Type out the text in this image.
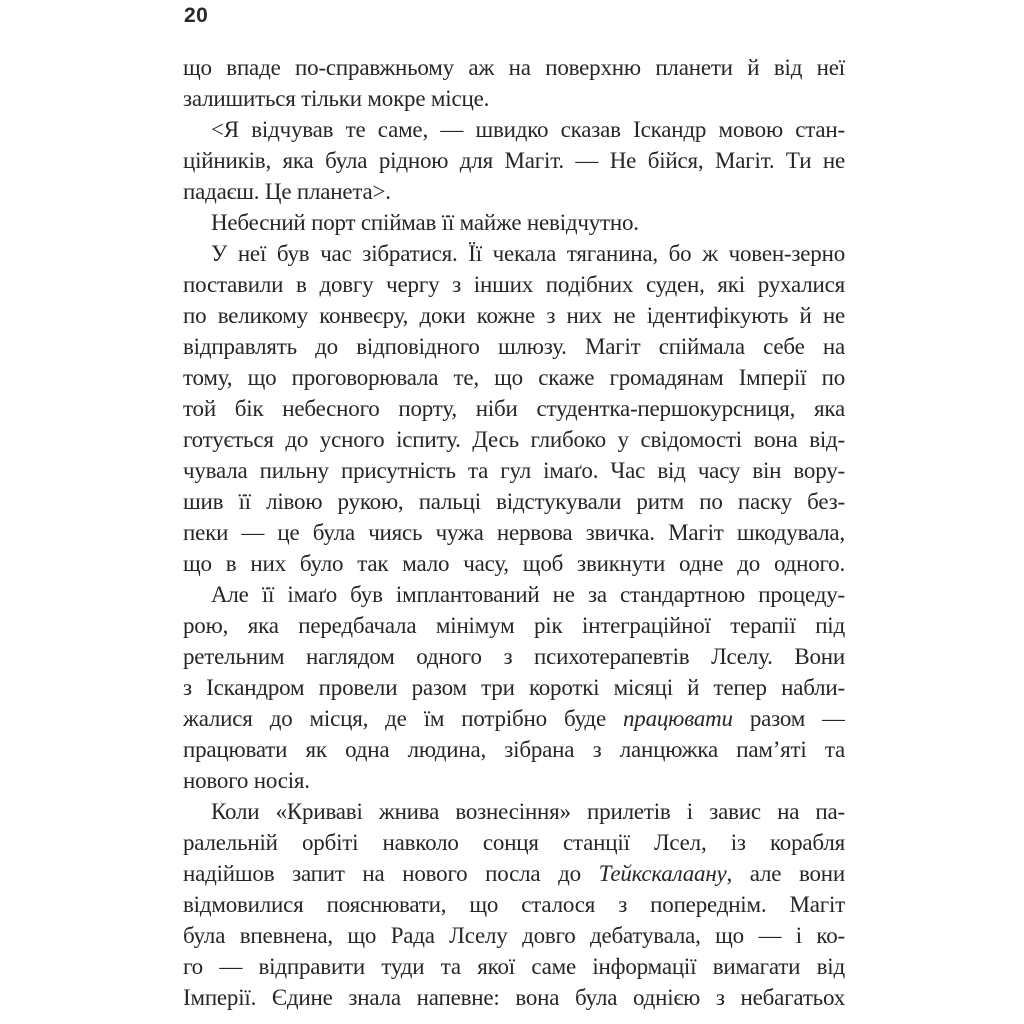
20
що впаде по-справжньому аж на поверхню планети й від неї
залишиться тільки мокре місце.
<Я відчував те саме, — швидко сказав Іскандр мовою стан-
ційників, яка була рідною для Магіт. — Не бійся, Магіт. Ти не
падаєш. Це планета>.
Небесний порт спіймав її майже невідчутно.
У неї був час зібратися. Її чекала тяганина, бо ж човен-зерно
поставили в довгу чергу з інших подібних суден, які рухалися
по великому конвеєру, доки кожне з них не ідентифікують й не
відправлять до відповідного шлюзу. Магіт спіймала себе на
тому, що проговорювала те, що скаже громадянам Імперії по
той бік небесного порту, ніби студентка-першокурсниця, яка
готується до усного іспиту. Десь глибоко у свідомості вона від-
чувала пильну присутність та гул імаґо. Час від часу він вору-
шив її лівою рукою, пальці відстукували ритм по паску без-
пеки — це була чиясь чужа нервова звичка. Магіт шкодувала,
що в них було так мало часу, щоб звикнути одне до одного.
Але її імаґо був імплантований не за стандартною процеду-
рою, яка передбачала мінімум рік інтеграційної терапії під
ретельним наглядом одного з психотерапевтів Лселу. Вони
з Іскандром провели разом три короткі місяці й тепер набли-
жалися до місця, де їм потрібно буде працювати разом —
працювати як одна людина, зібрана з ланцюжка пам’яті та
нового носія.
Коли «Криваві жнива вознесіння» прилетів і завис на па-
ралельній орбіті навколо сонця станції Лсел, із корабля
надійшов запит на нового посла до Тейкскалаану, але вони
відмовилися пояснювати, що сталося з попереднім. Магіт
була впевнена, що Рада Лселу довго дебатувала, що — і ко-
го — відправити туди та якої саме інформації вимагати від
Імперії. Єдине знала напевне: вона була однією з небагатьох
